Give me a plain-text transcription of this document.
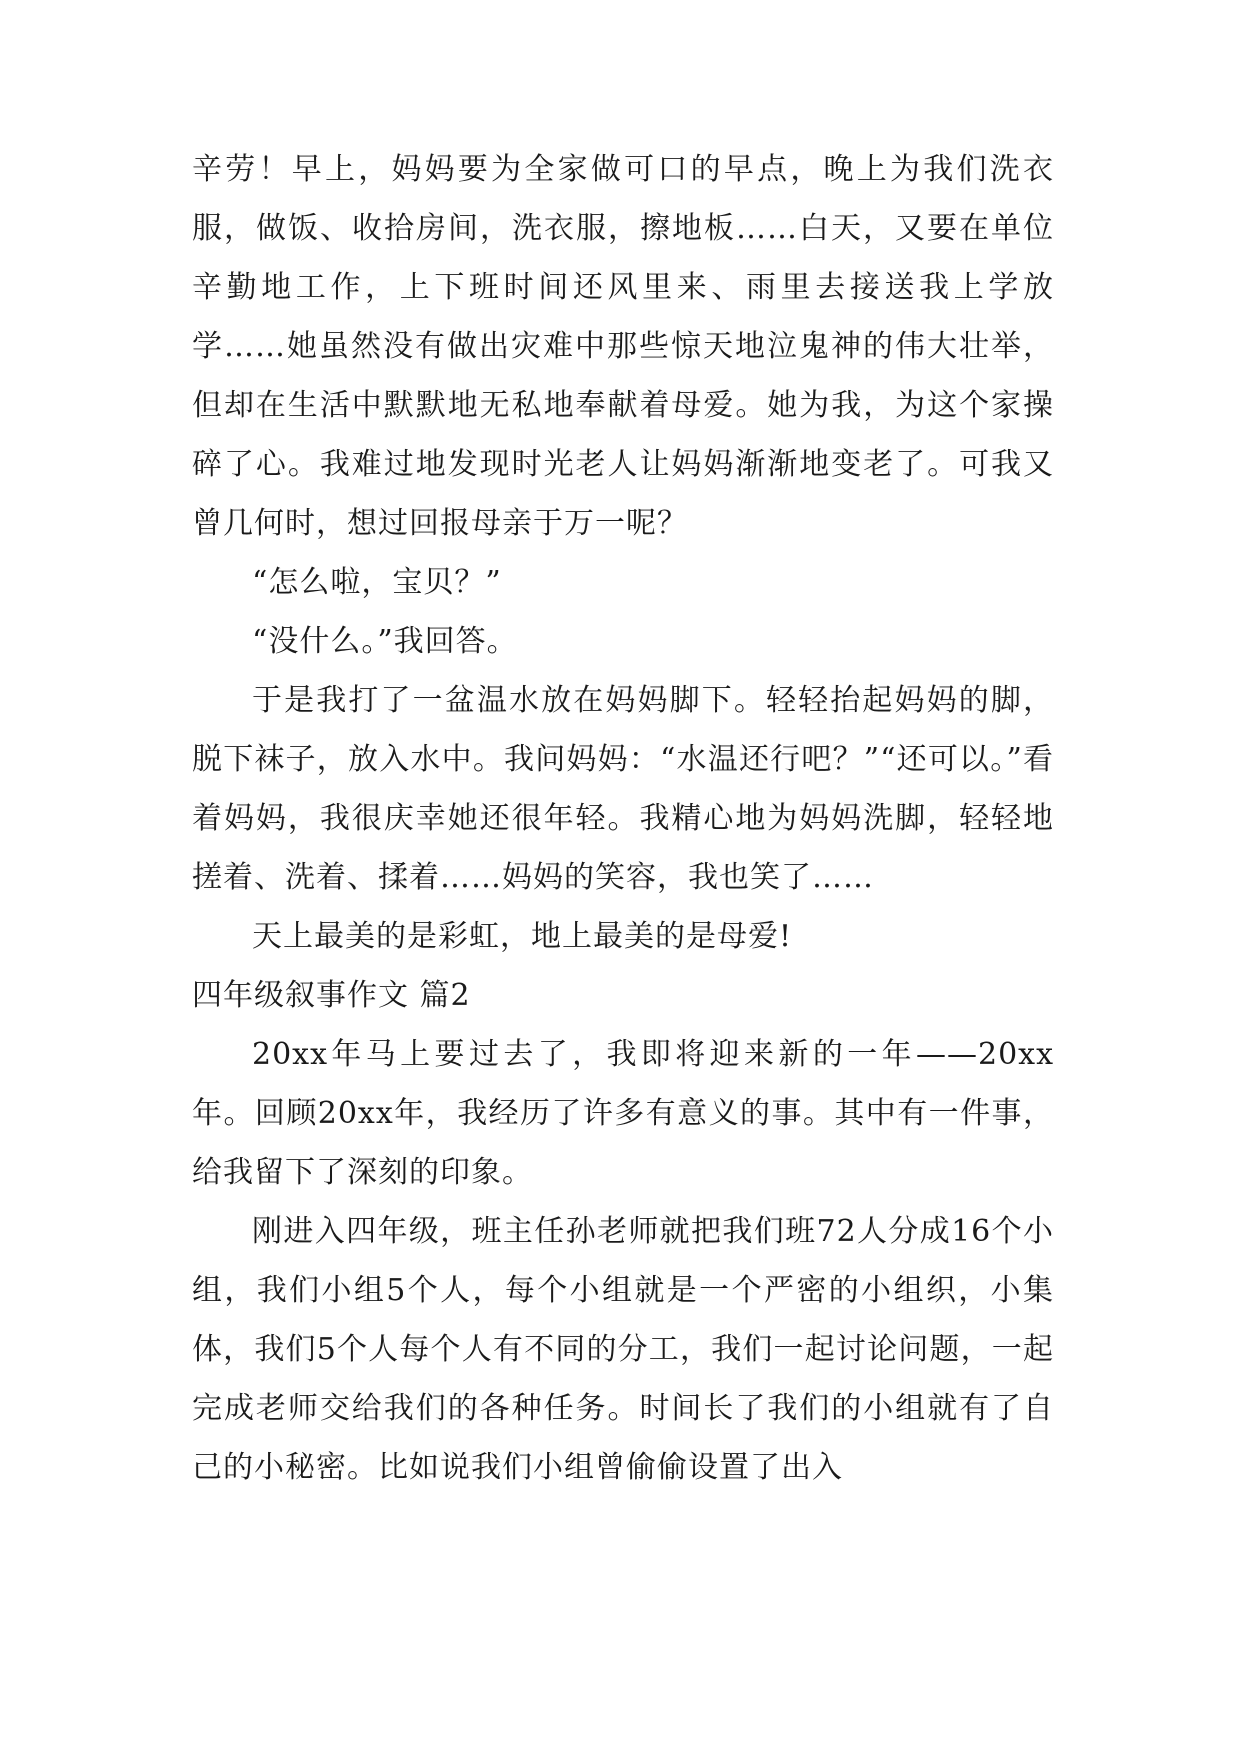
辛劳！早上，妈妈要为全家做可口的早点，晚上为我们洗衣服，做饭、收拾房间，洗衣服，擦地板……白天，又要在单位辛勤地工作，上下班时间还风里来、雨里去接送我上学放学……她虽然没有做出灾难中那些惊天地泣鬼神的伟大壮举，但却在生活中默默地无私地奉献着母爱。她为我，为这个家操碎了心。我难过地发现时光老人让妈妈渐渐地变老了。可我又曾几何时，想过回报母亲于万一呢？

“怎么啦，宝贝？”

“没什么。”我回答。

于是我打了一盆温水放在妈妈脚下。轻轻抬起妈妈的脚，脱下袜子，放入水中。我问妈妈：“水温还行吧？”“还可以。”看着妈妈，我很庆幸她还很年轻。我精心地为妈妈洗脚，轻轻地搓着、洗着、揉着……妈妈的笑容，我也笑了……

天上最美的是彩虹，地上最美的是母爱!

四年级叙事作文 篇2

20xx年马上要过去了，我即将迎来新的一年——20xx年。回顾20xx年，我经历了许多有意义的事。其中有一件事，给我留下了深刻的印象。

刚进入四年级，班主任孙老师就把我们班72人分成16个小组，我们小组5个人，每个小组就是一个严密的小组织，小集体，我们5个人每个人有不同的分工，我们一起讨论问题，一起完成老师交给我们的各种任务。时间长了我们的小组就有了自己的小秘密。比如说我们小组曾偷偷设置了出入
